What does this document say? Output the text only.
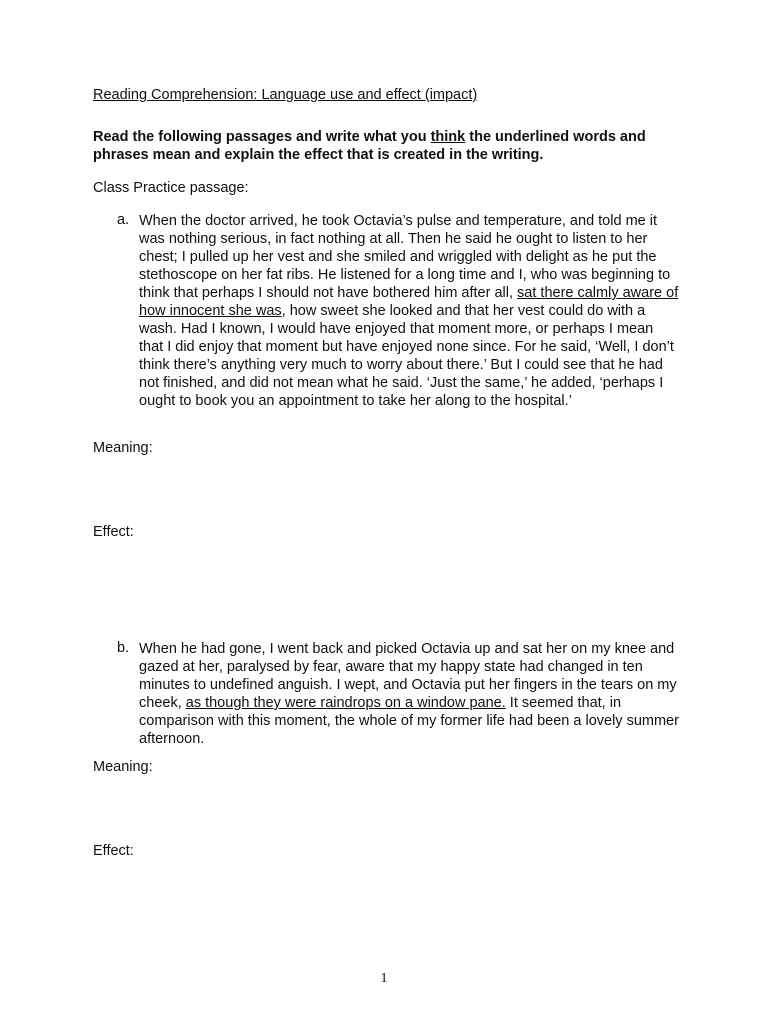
Reading Comprehension: Language use and effect (impact)
Read the following passages and write what you think the underlined words and phrases mean and explain the effect that is created in the writing.
Class Practice passage:
a. When the doctor arrived, he took Octavia’s pulse and temperature, and told me it was nothing serious, in fact nothing at all. Then he said he ought to listen to her chest; I pulled up her vest and she smiled and wriggled with delight as he put the stethoscope on her fat ribs. He listened for a long time and I, who was beginning to think that perhaps I should not have bothered him after all, sat there calmly aware of how innocent she was, how sweet she looked and that her vest could do with a wash. Had I known, I would have enjoyed that moment more, or perhaps I mean that I did enjoy that moment but have enjoyed none since. For he said, ‘Well, I don’t think there’s anything very much to worry about there.’ But I could see that he had not finished, and did not mean what he said. ‘Just the same,’ he added, ‘perhaps I ought to book you an appointment to take her along to the hospital.’
Meaning:
Effect:
b. When he had gone, I went back and picked Octavia up and sat her on my knee and gazed at her, paralysed by fear, aware that my happy state had changed in ten minutes to undefined anguish. I wept, and Octavia put her fingers in the tears on my cheek, as though they were raindrops on a window pane. It seemed that, in comparison with this moment, the whole of my former life had been a lovely summer afternoon.
Meaning:
Effect:
1
